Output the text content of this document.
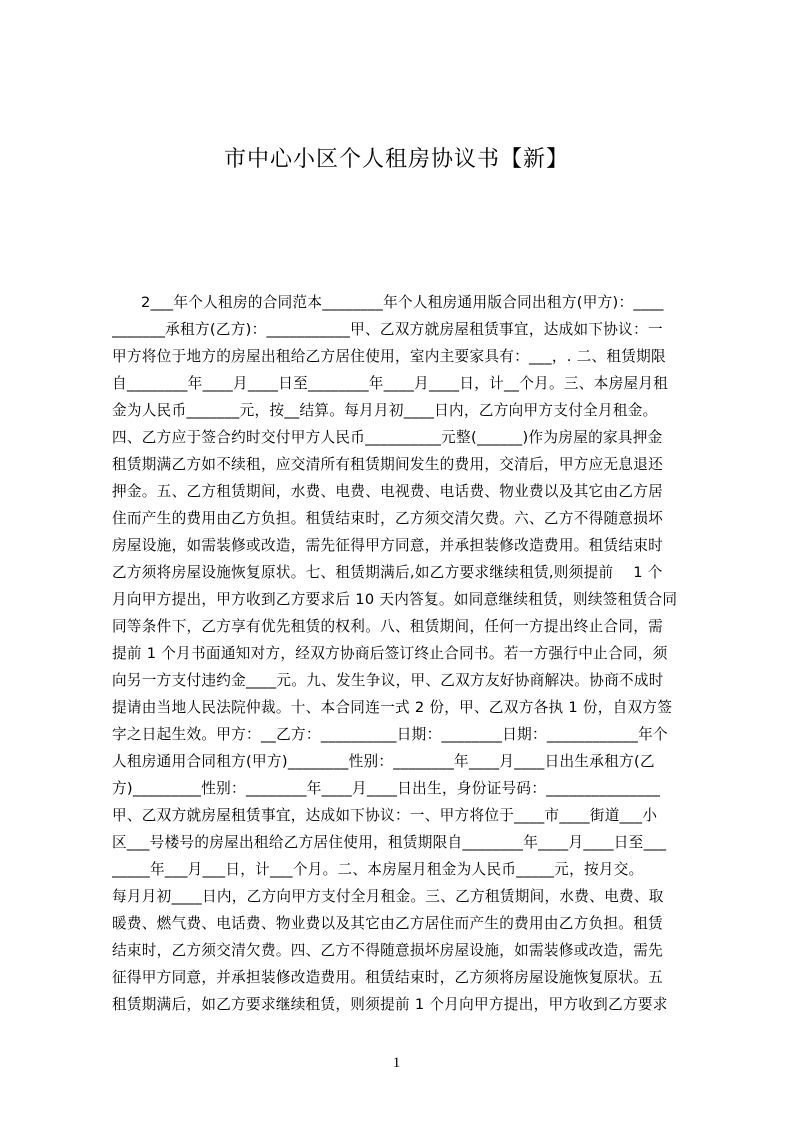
市中心小区个人租房协议书【新】
2___年个人租房的合同范本________年个人租房通用版合同出租方(甲方)：____
_______承租方(乙方)：___________甲、乙双方就房屋租赁事宜，达成如下协议：一
甲方将位于地方的房屋出租给乙方居住使用，室内主要家具有：___，. 二、租赁期限
自________年____月____日至________年____月____日，计__个月。三、本房屋月租
金为人民币_______元，按__结算。每月月初____日内，乙方向甲方支付全月租金。
四、乙方应于签合约时交付甲方人民币__________元整(______)作为房屋的家具押金
租赁期满乙方如不续租，应交清所有租赁期间发生的费用，交清后，甲方应无息退还
押金。五、乙方租赁期间，水费、电费、电视费、电话费、物业费以及其它由乙方居
住而产生的费用由乙方负担。租赁结束时，乙方须交清欠费。六、乙方不得随意损坏
房屋设施，如需装修或改造，需先征得甲方同意，并承担装修改造费用。租赁结束时
乙方须将房屋设施恢复原状。七、租赁期满后,如乙方要求继续租赁,则须提前　 1 个
月向甲方提出，甲方收到乙方要求后 10 天内答复。如同意继续租赁，则续签租赁合同
同等条件下，乙方享有优先租赁的权利。八、租赁期间，任何一方提出终止合同，需
提前 1 个月书面通知对方，经双方协商后签订终止合同书。若一方强行中止合同，须
向另一方支付违约金____元。九、发生争议，甲、乙双方友好协商解决。协商不成时
提请由当地人民法院仲裁。十、本合同连一式 2 份，甲、乙双方各执 1 份，自双方签
字之日起生效。甲方：__乙方：__________日期：________日期：____________年个
人租房通用合同租方(甲方)________性别：________年____月____日出生承租方(乙
方)_________性别：________年____月____日出生，身份证号码：_______________
甲、乙双方就房屋租赁事宜，达成如下协议：一、甲方将位于____市____街道___小
区___号楼号的房屋出租给乙方居住使用，租赁期限自________年____月____日至___
_____年___月___日，计___个月。二、本房屋月租金为人民币_____元，按月交。
每月月初____日内，乙方向甲方支付全月租金。三、乙方租赁期间，水费、电费、取
暖费、燃气费、电话费、物业费以及其它由乙方居住而产生的费用由乙方负担。租赁
结束时，乙方须交清欠费。四、乙方不得随意损坏房屋设施，如需装修或改造，需先
征得甲方同意，并承担装修改造费用。租赁结束时，乙方须将房屋设施恢复原状。五
租赁期满后，如乙方要求继续租赁，则须提前 1 个月向甲方提出，甲方收到乙方要求
1
